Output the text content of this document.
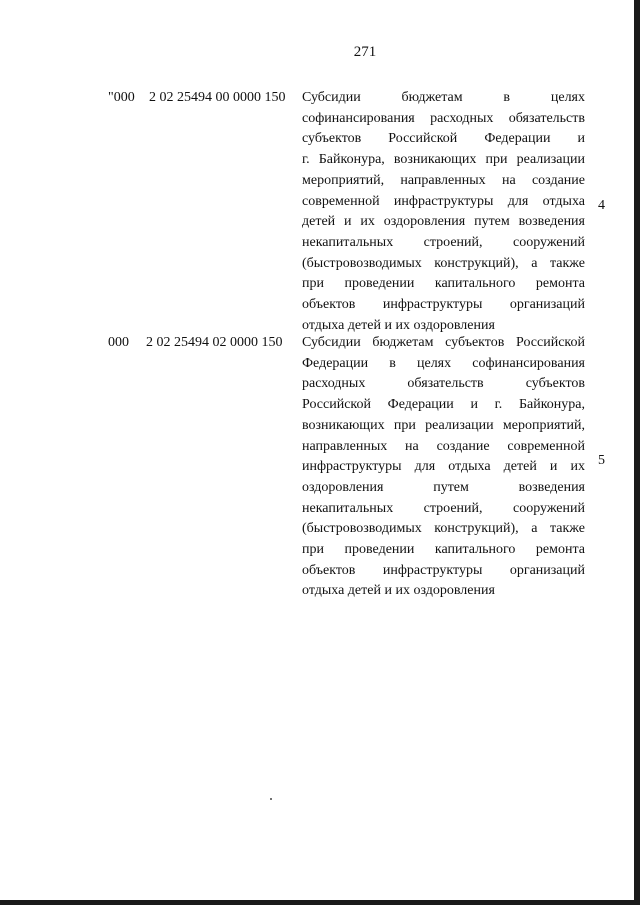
271
"000 2 02 25494 00 0000 150 Субсидии бюджетам в целях
софинансирования расходных обязательств
субъектов Российской Федерации и
г. Байконура, возникающих при реализации
мероприятий, направленных на создание
современной инфраструктуры для отдыха
детей и их оздоровления путем возведения
некапитальных строений, сооружений
(быстровозводимых конструкций), а также
при проведении капитального ремонта
объектов инфраструктуры организаций
отдыха детей и их оздоровления
4
000 2 02 25494 02 0000 150 Субсидии бюджетам субъектов Российской
Федерации в целях софинансирования
расходных обязательств субъектов
Российской Федерации и г. Байконура,
возникающих при реализации мероприятий,
направленных на создание современной
инфраструктуры для отдыха детей и их
оздоровления путем возведения
некапитальных строений, сооружений
(быстровозводимых конструкций), а также
при проведении капитального ремонта
объектов инфраструктуры организаций
отдыха детей и их оздоровления
5
